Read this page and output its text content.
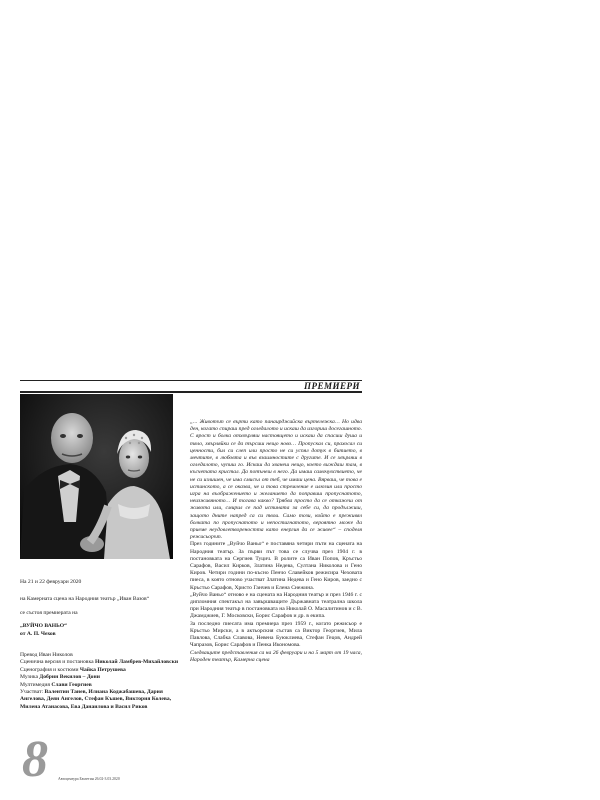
ПРЕМИЕРИ

На 21 и 22 февруари 2020

на Камерната сцена на Народния театър „Иван Вазов“

се състоя премиерата на

„ВУЙЧО ВАНЬО“

от А. П. Чехов

Превод Иван Николов
Сценична версия и постановка Николай Ламбрев-Михайловски
Сценография и костюми Чайка Петрушева
Музика Добрин Векилов – Дони
Мултимедия Слави Георгиев
Участват: Валентин Танев, Илиана Коджабашева, Дария Ангелова, Деян Ангелов, Стефан Къшев, Виктория Колева, Милена Атанасова, Ева Данаилова и Васил Риков
8	Автоцензура Бюлетин 26.02-3.03.2020

„... Животът се върти като панаирджийска въртележка… Но идва ден, когато спираш пред огледалото и искаш да изгориш досегашното. С ярост и болка отхвърляш настоящето и искаш да спасиш душа и тяло, хвърляйки се да търсиш нещо ново… Пропускал си, прахосал си ценности, бил си слеп или просто не си успял дотук в битието, в мечтите, в любовта и във взаимностите с другите. И се хвърляш в огледалото, чупиш го. Искаш да хванеш нещо, което виждаш там, в късчетата кристал. Да потънеш в него. Да имаш самочувствието, че не си излишен, че има смисъл от теб, че имаш цена. Вярваш, че това е истинското, а се оказва, че и това стремление е илюзия или просто игра на въображението и желанието да поправиш пропуснатото, неизживяното… И тогава какво? Трябва просто да се откажеш от живота или, смирил се пад истината за себе си, да продължиш, защото дните напред са си твои. Само този, който е преживял болката по пропуснатото и непостигнатото, вероятно може да приеме неудовлетвореността като енергия да се живее“ – споделя режисьорът.

През годините „Вуйчо Ваньо“ е поставяна четири пъти на сцената на Народния театър. За първи път това се случва през 1904 г. в постановката на Сергиев Туцич. В ролите са Иван Попов, Кръстьо Сарафов, Васил Кирков, Златина Недева, Султана Николова и Гено Киров. Четири години по-късно Пенчо Славейков режисира Чеховата пиеса, в която отново участват Златина Недева и Гено Киров, заедно с Кръстьо Сарафов, Христо Ганчев и Елена Снежина.

„Вуйчо Ваньо“ отново е на сцената на Народния театър и през 1946 г. с дипломния спектакъл на завършващите Държавната театрална школа при Народния театър в постановката на Николай О. Масалитинов и с В. Джамджиев, Г. Московски, Борис Сарафов и др. в екипа.

За последно пиесата има премиера през 1959 г., когато режисьор е Кръстьо Мирски, а в актьорския състав са Виктор Георгиев, Мила Павлова, Слабка Славова, Невена Буюклиева, Стефан Гецов, Андрей Чапразов, Борис Сарафов и Пенка Икономова.

Следващите представления са на 26 февруари и на 5 март от 19 часа, Народен театър, Камерна сцена
